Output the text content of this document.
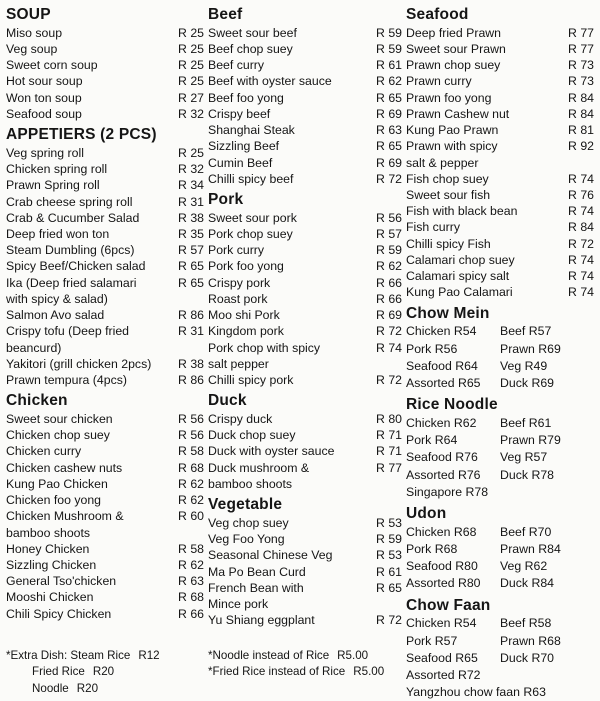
SOUP
Miso soup	R 25
Veg soup	R 25
Sweet corn soup	R 25
Hot sour soup	R 25
Won ton soup	R 27
Seafood soup	R 32
APPETIERS (2 PCS)
Veg spring roll	R 25
Chicken spring roll	R 32
Prawn Spring roll	R 34
Crab cheese spring roll	R 31
Crab & Cucumber Salad	R 38
Deep fried won ton	R 35
Steam Dumbling (6pcs)	R 57
Spicy Beef/Chicken salad	R 65
Ika (Deep fried salamari	R 65
with spicy & salad)
Salmon Avo salad	R 86
Crispy tofu (Deep fried	R 31
beancurd)
Yakitori (grill chicken 2pcs)	R 38
Prawn tempura (4pcs)	R 86
Chicken
Sweet sour chicken	R 56
Chicken chop suey	R 56
Chicken curry	R 58
Chicken cashew nuts	R 68
Kung Pao Chicken	R 62
Chicken foo yong	R 62
Chicken Mushroom &	R 60
bamboo shoots
Honey Chicken	R 58
Sizzling Chicken	R 62
General Tso'chicken	R 63
Mooshi Chicken	R 68
Chili Spicy Chicken	R 66
Beef
Sweet sour beef	R 59
Beef chop suey	R 59
Beef curry	R 61
Beef with oyster sauce	R 62
Beef foo yong	R 65
Crispy beef	R 69
Shanghai Steak	R 63
Sizzling Beef	R 65
Cumin Beef	R 69
Chilli spicy beef	R 72
Pork
Sweet sour pork	R 56
Pork chop suey	R 57
Pork curry	R 59
Pork foo yong	R 62
Crispy pork	R 66
Roast pork	R 66
Moo shi Pork	R 69
Kingdom pork	R 72
Pork chop with spicy	R 74
salt pepper
Chilli spicy pork	R 72
Duck
Crispy duck	R 80
Duck chop suey	R 71
Duck with oyster sauce	R 71
Duck mushroom &	R 77
bamboo shoots
Vegetable
Veg chop suey	R 53
Veg Foo Yong	R 59
Seasonal Chinese Veg	R 53
Ma Po Bean Curd	R 61
French Bean with	R 65
Mince pork
Yu Shiang eggplant	R 72
Seafood
Deep fried Prawn	R 77
Sweet sour Prawn	R 77
Prawn chop suey	R 73
Prawn curry	R 73
Prawn foo yong	R 84
Prawn Cashew nut	R 84
Kung Pao Prawn	R 81
Prawn with spicy	R 92
salt & pepper
Fish chop suey	R 74
Sweet sour fish	R 76
Fish with black bean	R 74
Fish curry	R 84
Chilli spicy Fish	R 72
Calamari chop suey	R 74
Calamari spicy salt	R 74
Kung Pao Calamari	R 74
Chow Mein
Chicken R54	Beef R57
Pork R56	Prawn R69
Seafood R64	Veg R49
Assorted R65	Duck R69
Rice Noodle
Chicken R62	Beef R61
Pork R64	Prawn R79
Seafood R76	Veg R57
Assorted R76	Duck R78
Singapore R78
Udon
Chicken R68	Beef R70
Pork R68	Prawn R84
Seafood R80	Veg R62
Assorted R80	Duck R84
Chow Faan
Chicken R54	Beef R58
Pork R57	Prawn R68
Seafood R65	Duck R70
Assorted R72
Yangzhou chow faan R63
*Extra Dish: Steam Rice R12
Fried Rice R20
Noodle R20
*Noodle instead of Rice R5.00
*Fried Rice instead of Rice R5.00
